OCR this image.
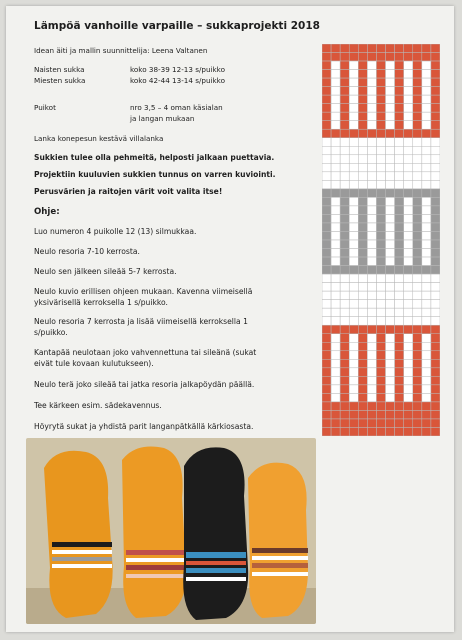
Lämpöä vanhoille varpaille – sukkaprojekti 2018
Idean äiti ja mallin suunnittelija: Leena Valtanen
Naisten sukka	koko 38-39 12-13 s/puikko
Miesten sukka	koko 42-44 13-14 s/puikko
Puikot	nro 3,5 – 4 oman käsialan
ja langan mukaan
Lanka konepesun kestävä villalanka
Sukkien tulee olla pehmeitä, helposti jalkaan puettavia.
Projektiin kuuluvien sukkien tunnus on varren kuviointi.
Perusvärien ja raitojen värit voit valita itse!
Ohje:
Luo numeron 4 puikolle 12 (13) silmukkaa.
Neulo resoria 7-10 kerrosta.
Neulo sen jälkeen sileää 5-7 kerrosta.
Neulo kuvio erillisen ohjeen mukaan. Kavenna viimeisellä
yksivärisellä kerroksella 1 s/puikko.
Neulo resoria 7 kerrosta ja lisää viimeisellä kerroksella 1
s/puikko.
Kantapää neulotaan joko vahvennettuna tai sileänä (sukat
eivät tule kovaan kulutukseen).
Neulo terä joko sileää tai jatka resoria jalkapöydän päällä.
Tee kärkeen esim. sädekavennus.
Höyrytä sukat ja yhdistä parit langanpätkällä kärkiosasta.
